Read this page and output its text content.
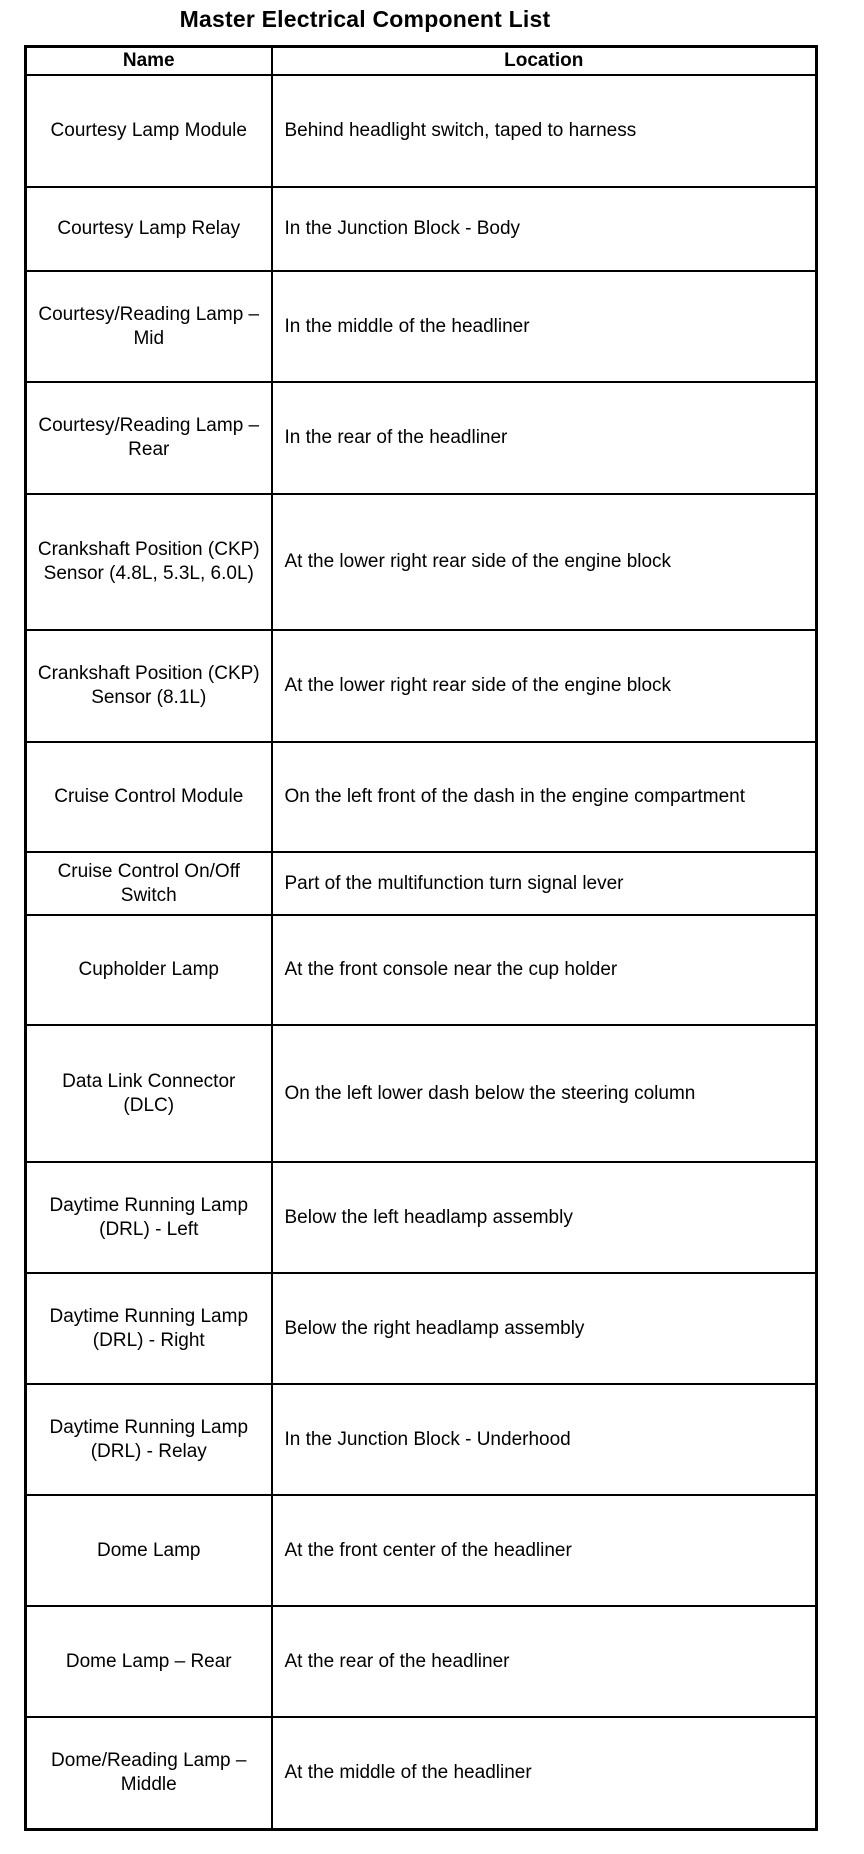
Master Electrical Component List
Name	Location
Courtesy Lamp Module	Behind headlight switch, taped to harness
Courtesy Lamp Relay	In the Junction Block - Body
Courtesy/Reading Lamp – Mid	In the middle of the headliner
Courtesy/Reading Lamp – Rear	In the rear of the headliner
Crankshaft Position (CKP) Sensor (4.8L, 5.3L, 6.0L)	At the lower right rear side of the engine block
Crankshaft Position (CKP) Sensor (8.1L)	At the lower right rear side of the engine block
Cruise Control Module	On the left front of the dash in the engine compartment
Cruise Control On/Off Switch	Part of the multifunction turn signal lever
Cupholder Lamp	At the front console near the cup holder
Data Link Connector (DLC)	On the left lower dash below the steering column
Daytime Running Lamp (DRL) - Left	Below the left headlamp assembly
Daytime Running Lamp (DRL) - Right	Below the right headlamp assembly
Daytime Running Lamp (DRL) - Relay	In the Junction Block - Underhood
Dome Lamp	At the front center of the headliner
Dome Lamp – Rear	At the rear of the headliner
Dome/Reading Lamp – Middle	At the middle of the headliner
